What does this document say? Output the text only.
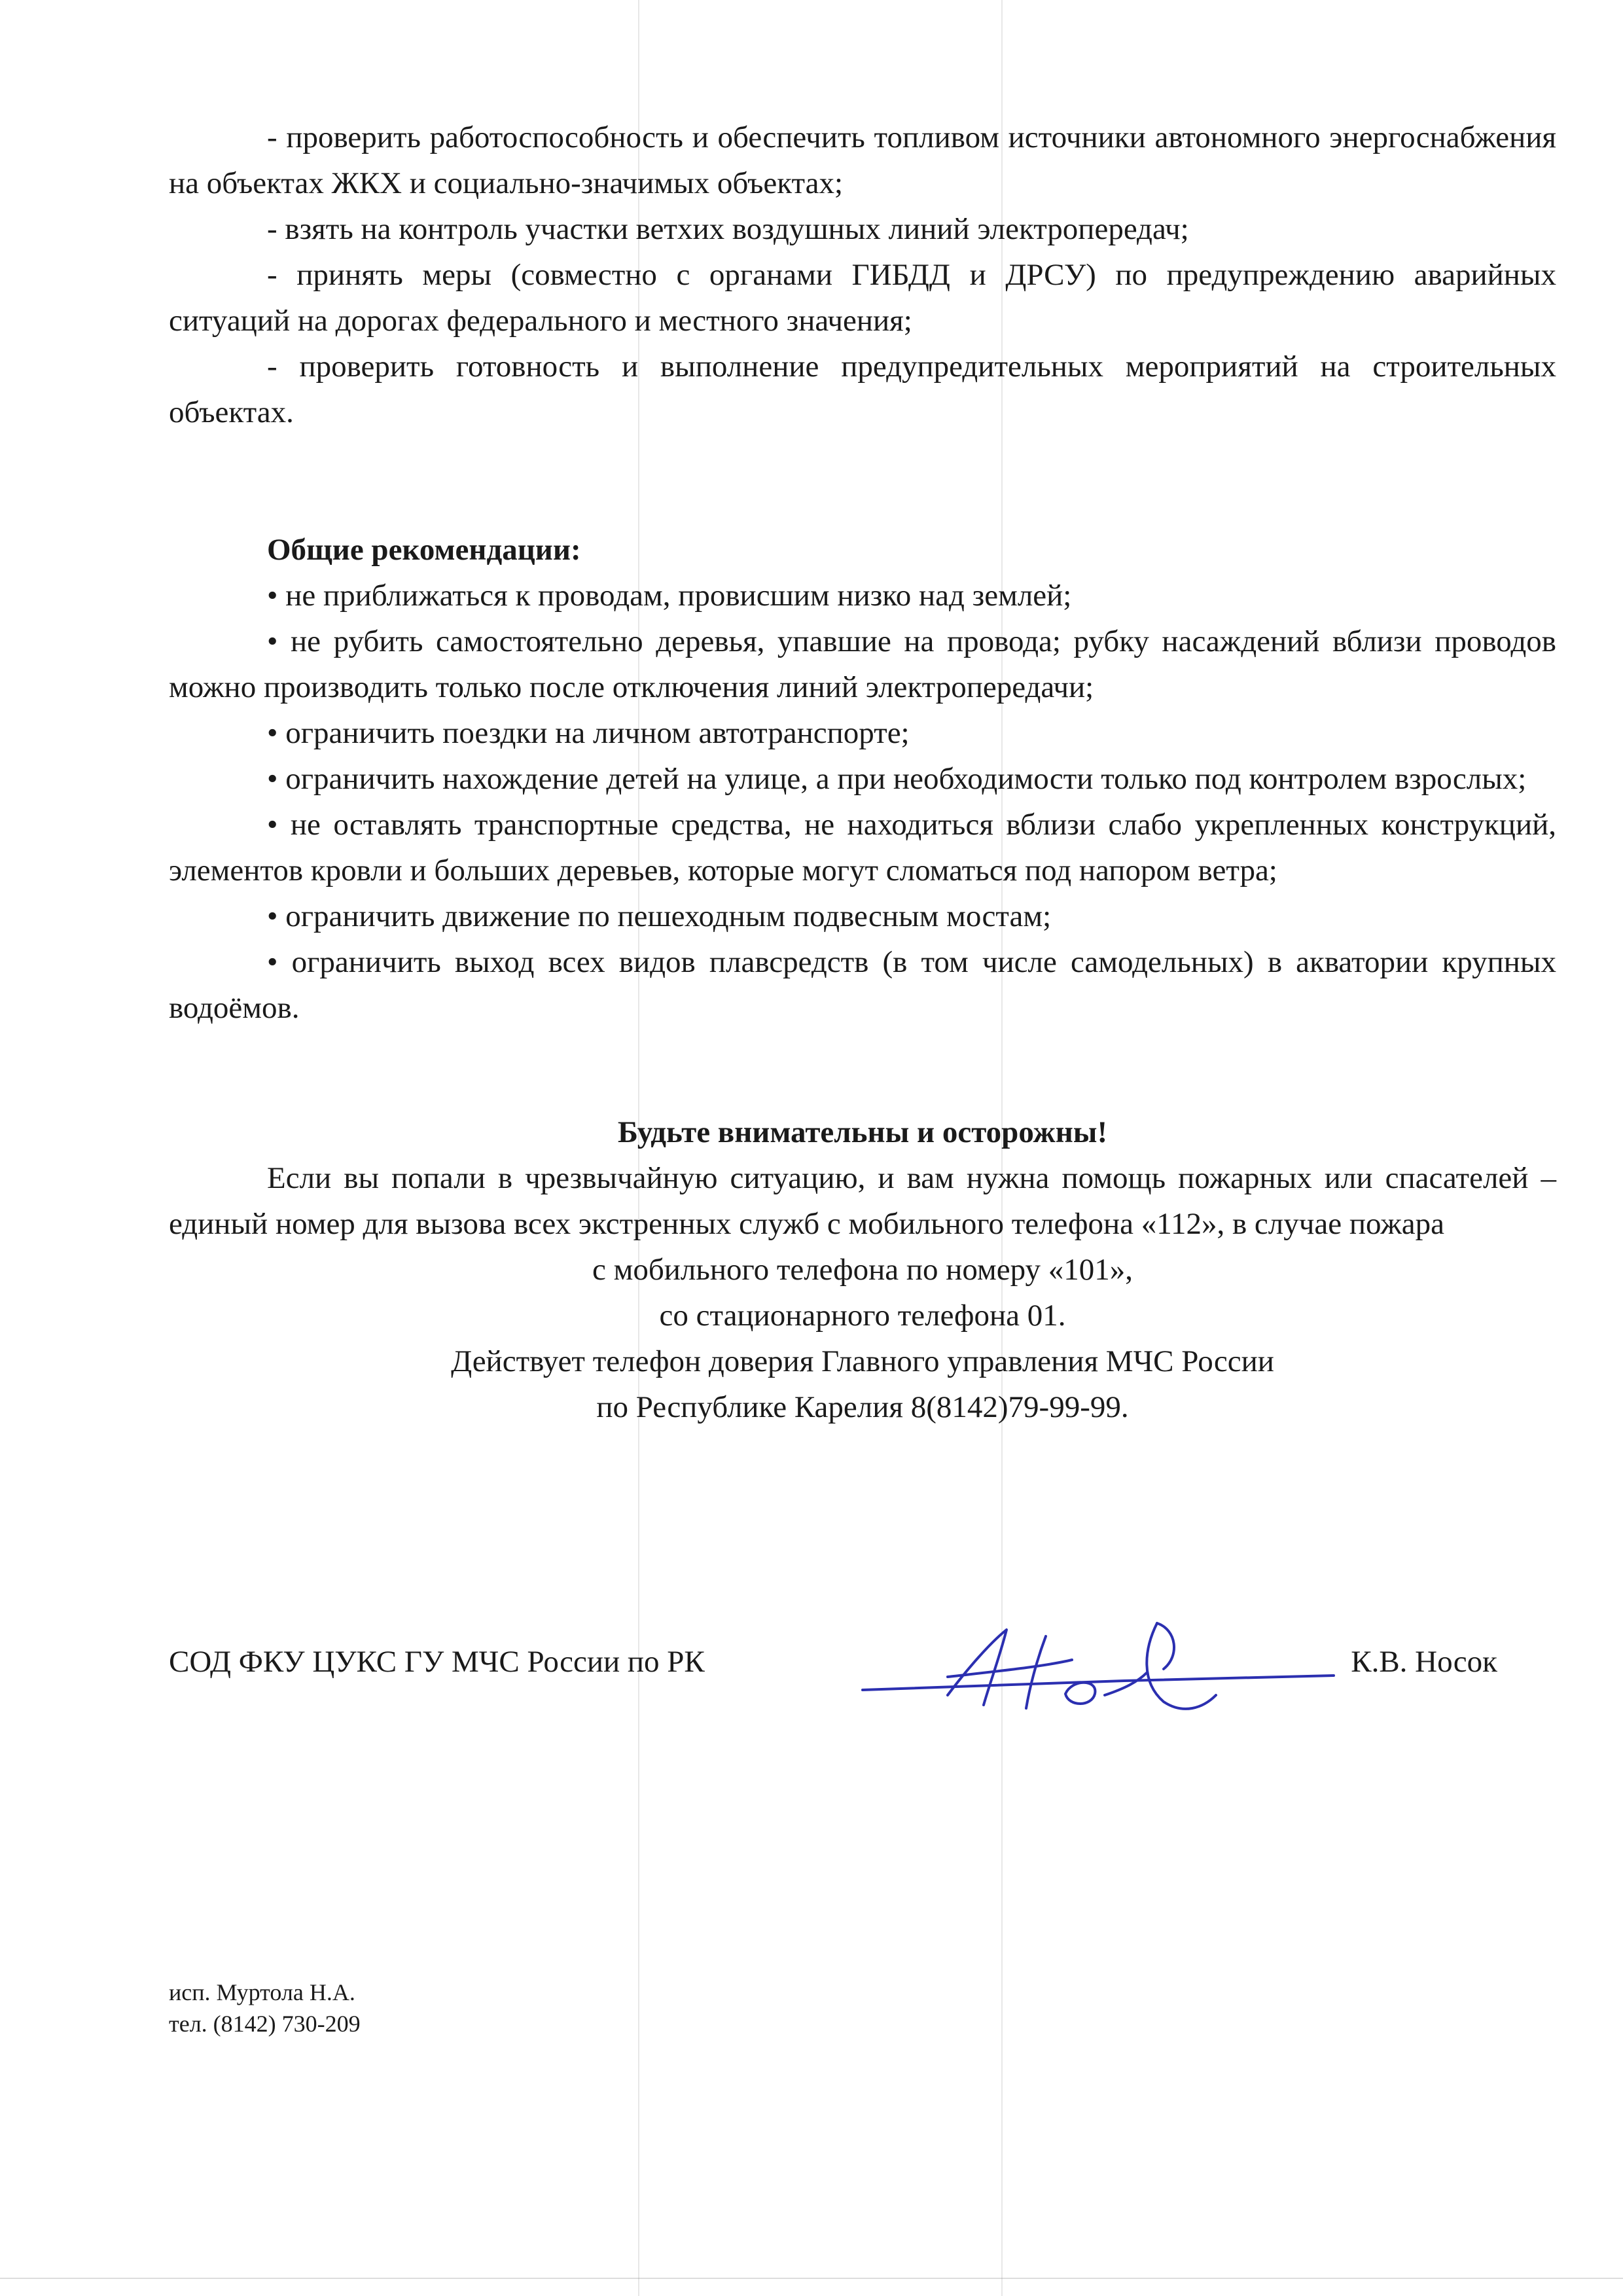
- проверить работоспособность и обеспечить топливом источники автономного энергоснабжения на объектах ЖКХ и социально-значимых объектах;

- взять на контроль участки ветхих воздушных линий электропередач;

- принять меры (совместно с органами ГИБДД и ДРСУ) по предупреждению аварийных ситуаций на дорогах федерального и местного значения;

- проверить готовность и выполнение предупредительных мероприятий на строительных объектах.

Общие рекомендации:

• не приближаться к проводам, провисшим низко над землей;

• не рубить самостоятельно деревья, упавшие на провода; рубку насаждений вблизи проводов можно производить только после отключения линий электропередачи;

• ограничить поездки на личном автотранспорте;

• ограничить нахождение детей на улице, а при необходимости только под контролем взрослых;

• не оставлять транспортные средства, не находиться вблизи слабо укрепленных конструкций, элементов кровли и больших деревьев, которые могут сломаться под напором ветра;

• ограничить движение по пешеходным подвесным мостам;

• ограничить выход всех видов плавсредств (в том числе самодельных) в акватории крупных водоёмов.

Будьте внимательны и осторожны!

Если вы попали в чрезвычайную ситуацию, и вам нужна помощь пожарных или спасателей – единый номер для вызова всех экстренных служб с мобильного телефона «112», в случае пожара

с мобильного телефона по номеру «101»,

со стационарного телефона 01.

Действует телефон доверия Главного управления МЧС России

по Республике Карелия 8(8142)79-99-99.

СОД ФКУ ЦУКС ГУ МЧС России по РК	К.В. Носок
исп. Муртола Н.А.
тел. (8142) 730-209
